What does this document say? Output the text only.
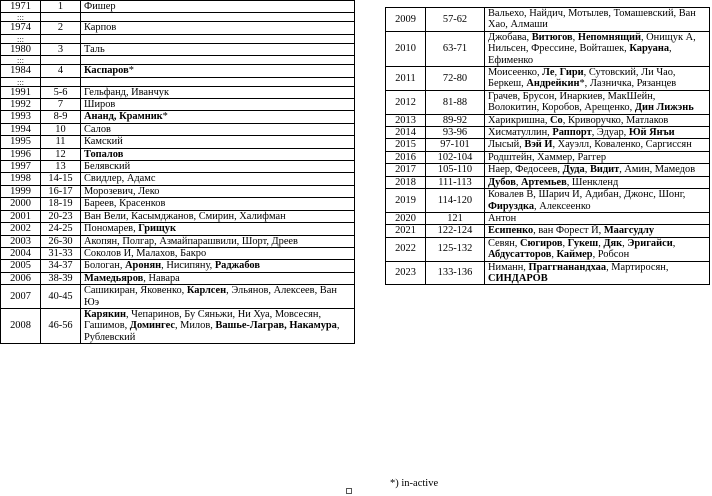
1971	1	Фишер
:::		
1974	2	Карпов
:::		
1980	3	Таль
:::		
1984	4	Каспаров*
:::		
1991	5-6	Гельфанд, Иванчук
1992	7	Широв
1993	8-9	Ананд, Крамник*
1994	10	Салов
1995	11	Камский
1996	12	Топалов
1997	13	Белявский
1998	14-15	Свидлер, Адамс
1999	16-17	Морозевич, Леко
2000	18-19	Бареев, Красенков
2001	20-23	Ван Вели, Касымджанов, Смирин, Халифман
2002	24-25	Пономарев, Грищук
2003	26-30	Акопян, Полгар, Азмайпарашвили, Шорт, Дреев
2004	31-33	Соколов И, Малахов, Бакро
2005	34-37	Бологан, Аронян, Нисипяну, Раджабов
2006	38-39	Мамедьяров, Навара
2007	40-45	Сашикиран, Яковенко, Карлсен, Эльянов, Алексеев, Ван Юэ
2008	46-56	Карякин, Чепаринов, Бу Сяньжи, Ни Хуа, Мовсесян, Гашимов, Домингес, Милов, Вашье-Лаграв, Накамура, Рублевский
2009	57-62	Вальехо, Найдич, Мотылев, Томашевский, Ван Хао, Алмаши
2010	63-71	Джобава, Витюгов, Непомнящий, Онищук А, Нильсен, Фрессине, Войташек, Каруана, Ефименко
2011	72-80	Моисеенко, Ле, Гири, Сутовский, Ли Чао, Беркеш, Андрейкин*, Лазничка, Рязанцев
2012	81-88	Грачев, Брусон, Инаркиев, МакШейн, Волокитин, Коробов, Арещенко, Дин Лижэнь
2013	89-92	Харикришна, Со, Криворучко, Матлаков
2014	93-96	Хисматуллин, Раппорт, Эдуар, Юй Янъи
2015	97-101	Лысый, Вэй И, Хауэлл, Коваленко, Саргиссян
2016	102-104	Родштейн, Хаммер, Раггер
2017	105-110	Наер, Федосеев, Дуда, Видит, Амин, Мамедов
2018	111-113	Дубов, Артемьев, Шенкленд
2019	114-120	Ковалев В, Шарич И, Адибан, Джонс, Шонг, Фируздка, Алексеенко
2020	121	Антон
2021	122-124	Есипенко, ван Форест Й, Маагсудлу
2022	125-132	Севян, Сюгиров, Гукеш, Дяк, Эригайси, Абдусатторов, Каймер, Робсон
2023	133-136	Ниманн, Праггнанандхаа, Мартиросян, СИНДАРОВ
*) in-active
